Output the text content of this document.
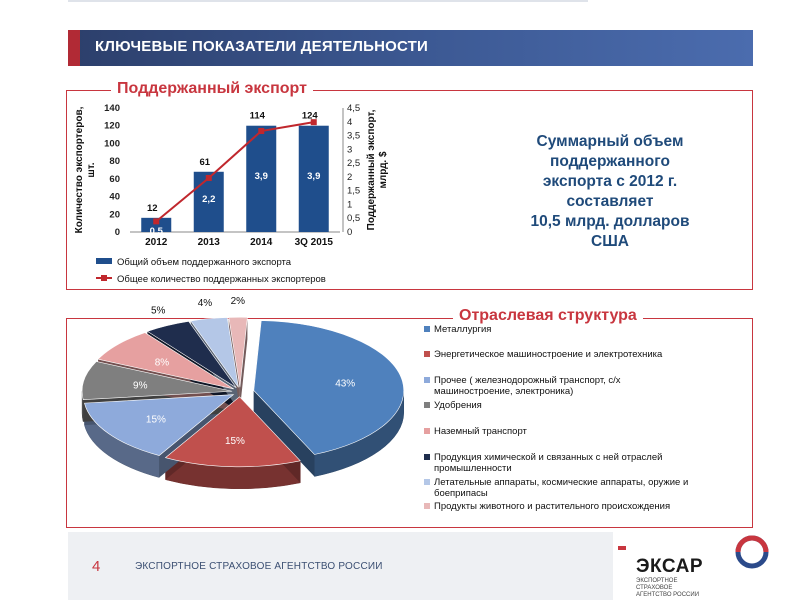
КЛЮЧЕВЫЕ ПОКАЗАТЕЛИ ДЕЯТЕЛЬНОСТИ
Поддержанный экспорт
0
20
40
60
80
100
120
140
0
0,5
1
1,5
2
2,5
3
3,5
4
4,5
Количество экспортеров,шт.	Поддержанный экспорт,млрд. $
0,5
2012
2,2
2013
3,9
2014
3,9
3Q 2015
12
61
114	124
Общий объем поддержанного экспорта
Общее количество поддержанных экспортеров
Суммарный объем
поддержанного
экспорта с 2012 г.
составляет
10,5 млрд. долларов
США
Отраслевая структура
43%
15%
15%
9%
8%
5%
4% 2%
Металлургия
Энергетическое машиностроение и электротехника
Прочее ( железнодорожный транспорт, с/х машиностроение, электроника)
Удобрения
Наземный транспорт
Продукция химической и связанных с ней отраслей промышленности
Летательные аппараты, космические аппараты, оружие и боеприпасы
Продукты животного и растительного происхождения
4	ЭКСПОРТНОЕ СТРАХОВОЕ АГЕНТСТВО РОССИИ	ЭКСАР
ЭКСПОРТНОЕ СТРАХОВОЕ АГЕНТСТВО РОССИИ
